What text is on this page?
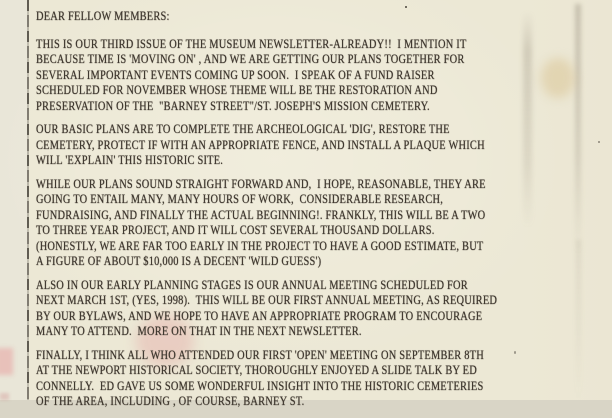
DEAR FELLOW MEMBERS:
THIS IS OUR THIRD ISSUE OF THE MUSEUM NEWSLETTER-ALREADY!!  I MENTION IT
BECAUSE TIME IS 'MOVING ON' , AND WE ARE GETTING OUR PLANS TOGETHER FOR
SEVERAL IMPORTANT EVENTS COMING UP SOON.  I SPEAK OF A FUND RAISER
SCHEDULED FOR NOVEMBER WHOSE THEME WILL BE THE RESTORATION AND
PRESERVATION OF THE  "BARNEY STREET"/ST. JOSEPH'S MISSION CEMETERY.
OUR BASIC PLANS ARE TO COMPLETE THE ARCHEOLOGICAL 'DIG', RESTORE THE
CEMETERY, PROTECT IF WITH AN APPROPRIATE FENCE, AND INSTALL A PLAQUE WHICH
WILL 'EXPLAIN' THIS HISTORIC SITE.
WHILE OUR PLANS SOUND STRAIGHT FORWARD AND,  I HOPE, REASONABLE, THEY ARE
GOING TO ENTAIL MANY, MANY HOURS OF WORK,  CONSIDERABLE RESEARCH,
FUNDRAISING, AND FINALLY THE ACTUAL BEGINNING!. FRANKLY, THIS WILL BE A TWO
TO THREE YEAR PROJECT, AND IT WILL COST SEVERAL THOUSAND DOLLARS.
(HONESTLY, WE ARE FAR TOO EARLY IN THE PROJECT TO HAVE A GOOD ESTIMATE, BUT
A FIGURE OF ABOUT $10,000 IS A DECENT 'WILD GUESS')
ALSO IN OUR EARLY PLANNING STAGES IS OUR ANNUAL MEETING SCHEDULED FOR
NEXT MARCH 1ST, (YES, 1998).  THIS WILL BE OUR FIRST ANNUAL MEETING, AS REQUIRED
BY OUR BYLAWS, AND WE HOPE TO HAVE AN APPROPRIATE PROGRAM TO ENCOURAGE
MANY TO ATTEND.  MORE ON THAT IN THE NEXT NEWSLETTER.
FINALLY, I THINK ALL WHO ATTENDED OUR FIRST 'OPEN' MEETING ON SEPTEMBER 8TH
AT THE NEWPORT HISTORICAL SOCIETY, THOROUGHLY ENJOYED A SLIDE TALK BY ED
CONNELLY.  ED GAVE US SOME WONDERFUL INSIGHT INTO THE HISTORIC CEMETERIES
OF THE AREA, INCLUDING , OF COURSE, BARNEY ST.
